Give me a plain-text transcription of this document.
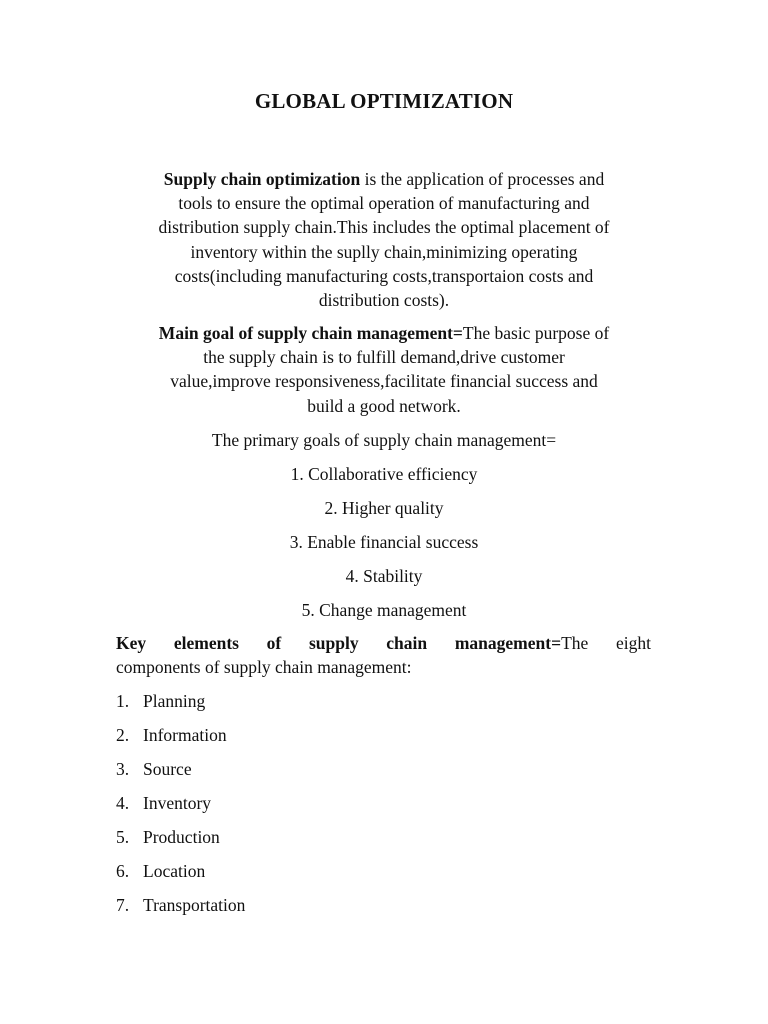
GLOBAL OPTIMIZATION
Supply chain optimization is the application of processes and
tools to ensure the optimal operation of manufacturing and
distribution supply chain.This includes the optimal placement of
inventory within the suplly chain,minimizing operating
costs(including manufacturing costs,transportaion costs and
distribution costs).
Main goal of supply chain management=The basic purpose of
the supply chain is to fulfill demand,drive customer
value,improve responsiveness,facilitate financial success and
build a good network.
The primary goals of supply chain management=
1. Collaborative efficiency
2. Higher quality
3. Enable financial success
4. Stability
5. Change management
Key elements of supply chain management=The eight
components of supply chain management:
1. Planning
2. Information
3. Source
4. Inventory
5. Production
6. Location
7. Transportation
